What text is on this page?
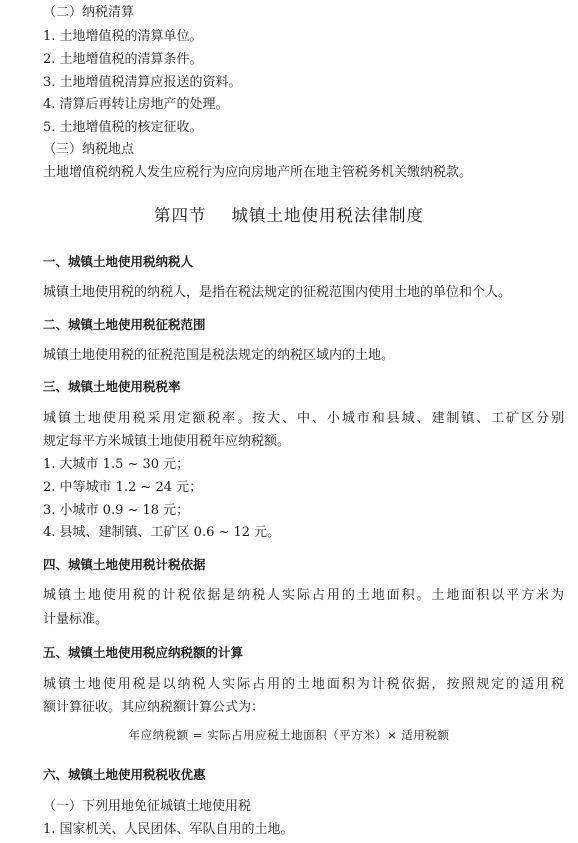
（二）纳税清算
1. 土地增值税的清算单位。
2. 土地增值税的清算条件。
3. 土地增值税清算应报送的资料。
4. 清算后再转让房地产的处理。
5. 土地增值税的核定征收。
（三）纳税地点
土地增值税纳税人发生应税行为应向房地产所在地主管税务机关缴纳税款。
第四节    城镇土地使用税法律制度
一、城镇土地使用税纳税人
城镇土地使用税的纳税人，是指在税法规定的征税范围内使用土地的单位和个人。
二、城镇土地使用税征税范围
城镇土地使用税的征税范围是税法规定的纳税区域内的土地。
三、城镇土地使用税税率
城镇土地使用税采用定额税率。按大、中、小城市和县城、建制镇、工矿区分别
规定每平方米城镇土地使用税年应纳税额。
1. 大城市 1.5 ~ 30 元；
2. 中等城市 1.2 ~ 24 元；
3. 小城市 0.9 ~ 18 元；
4. 县城、建制镇、工矿区 0.6 ~ 12 元。
四、城镇土地使用税计税依据
城镇土地使用税的计税依据是纳税人实际占用的土地面积。土地面积以平方米为
计量标准。
五、城镇土地使用税应纳税额的计算
城镇土地使用税是以纳税人实际占用的土地面积为计税依据，按照规定的适用税
额计算征收。其应纳税额计算公式为：
年应纳税额 = 实际占用应税土地面积（平方米）× 适用税额
六、城镇土地使用税税收优惠
（一）下列用地免征城镇土地使用税
1. 国家机关、人民团体、军队自用的土地。
